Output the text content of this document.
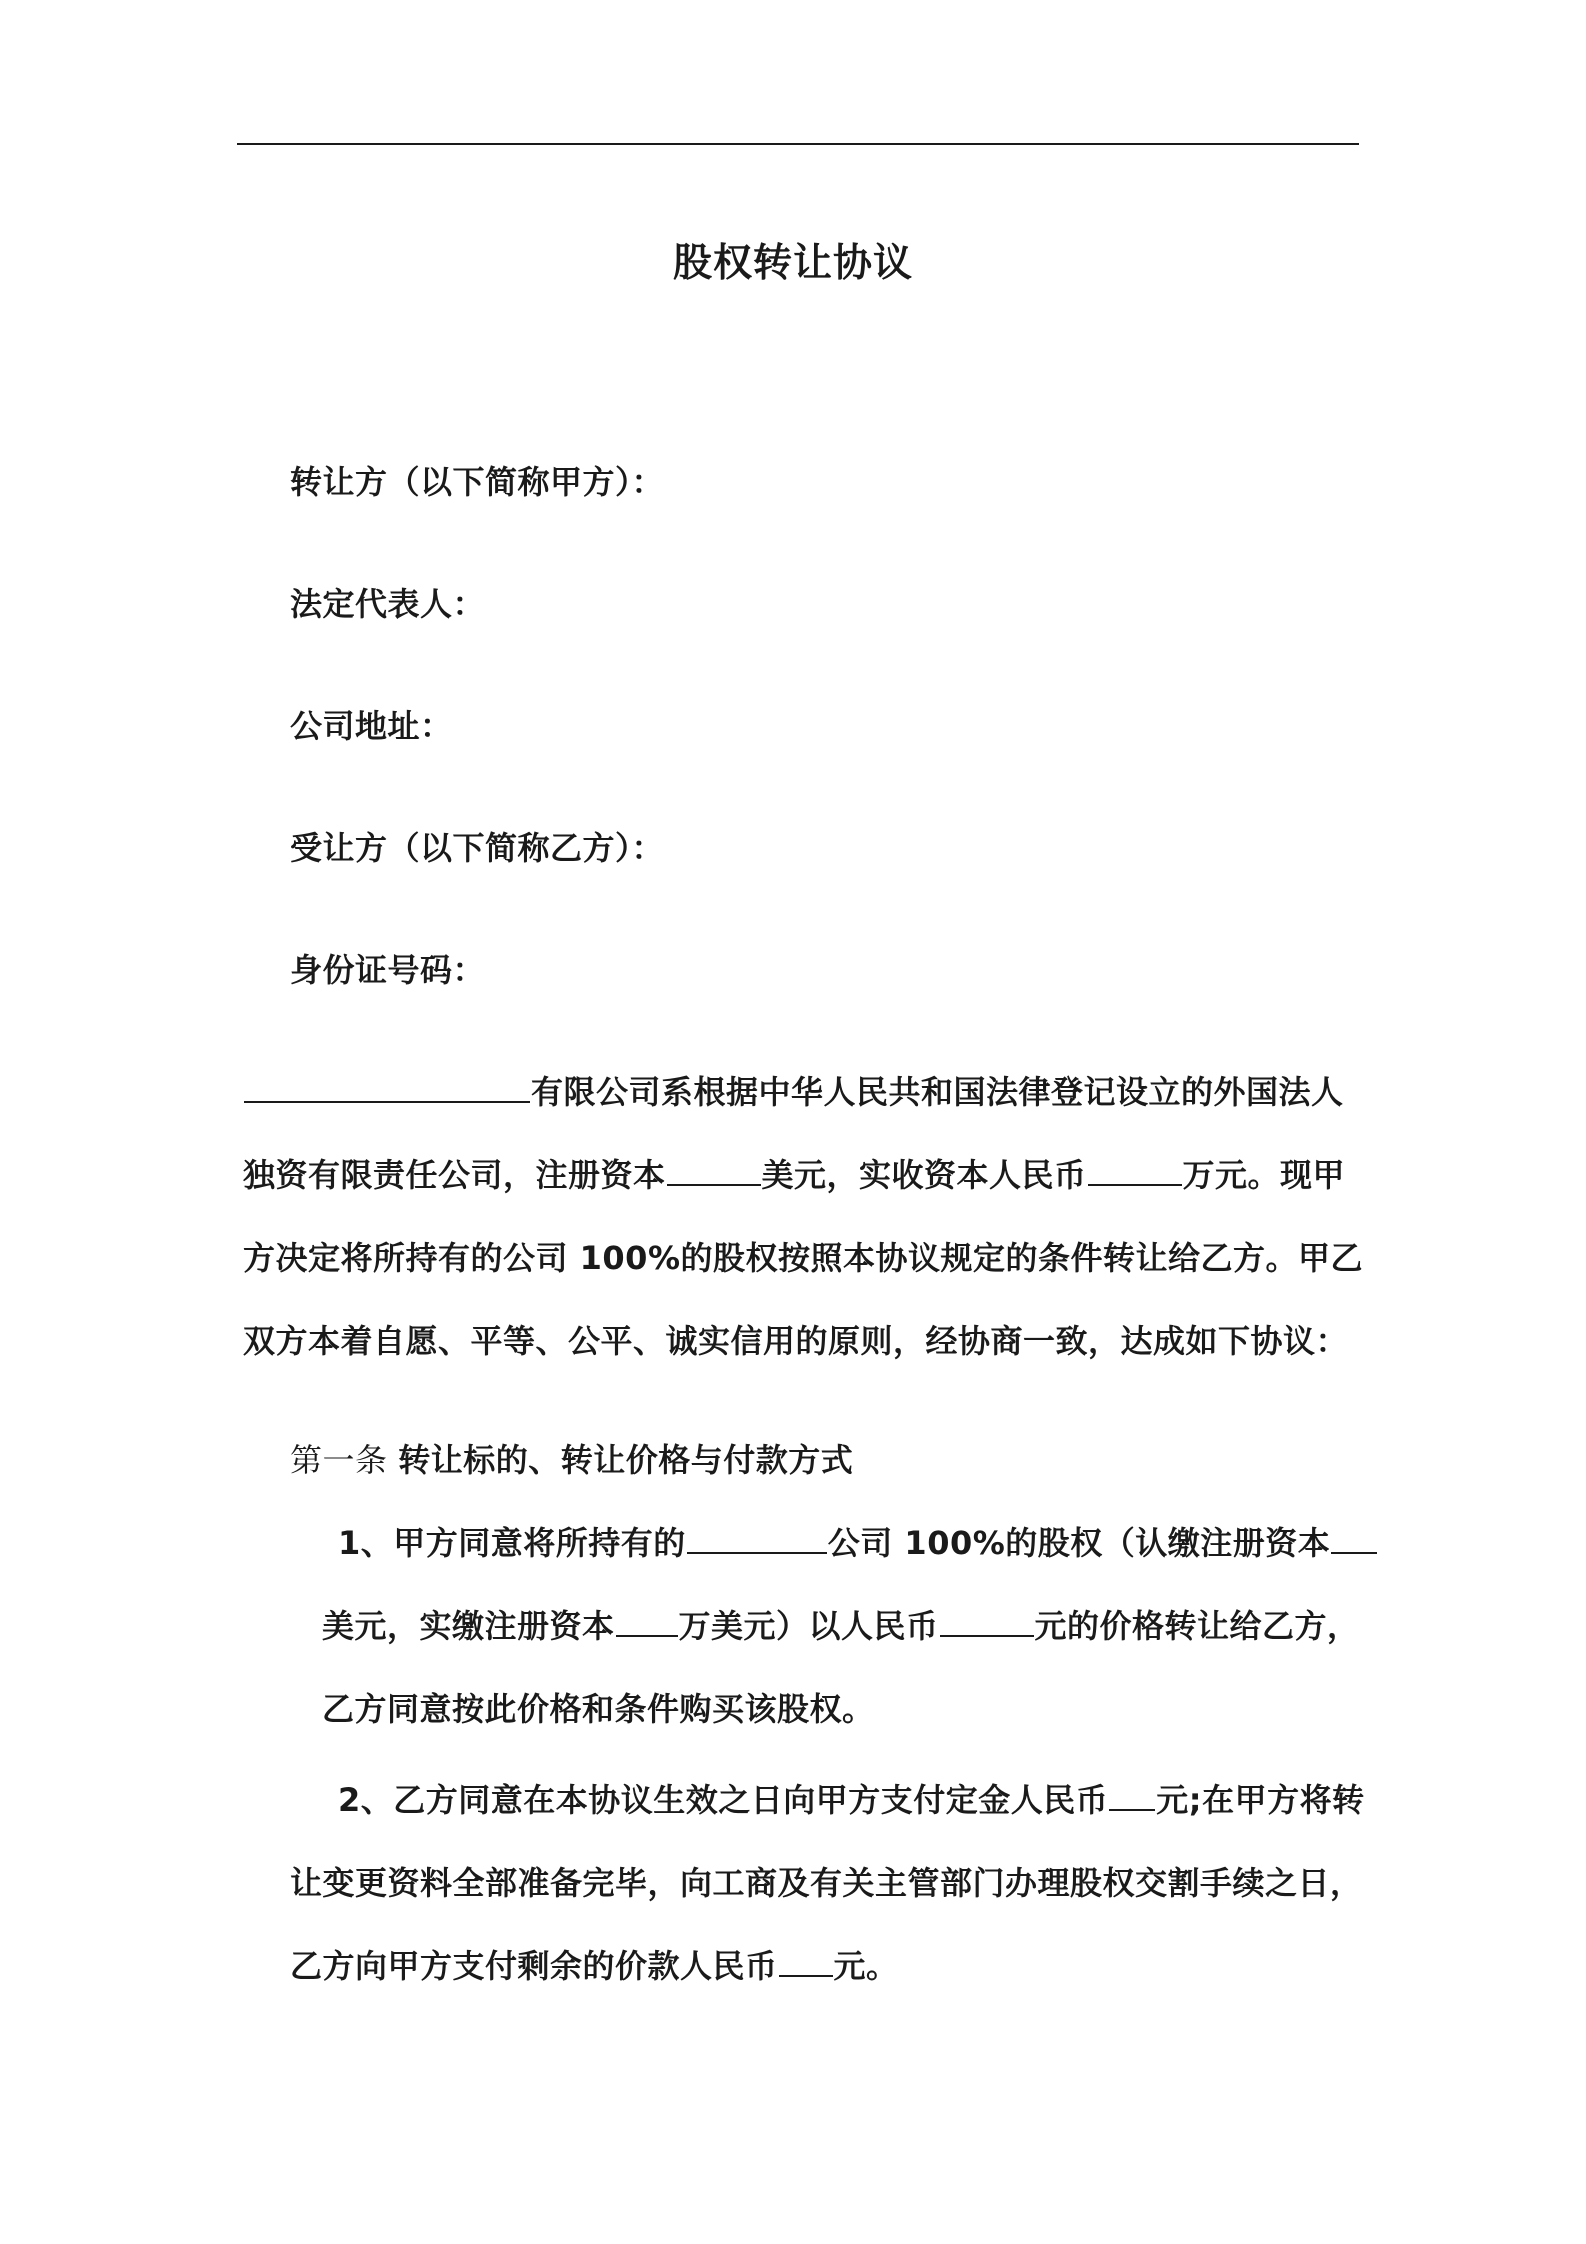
股权转让协议
转让方（以下简称甲方）：
法定代表人：
公司地址：
受让方（以下简称乙方）：
身份证号码：
有限公司系根据中华人民共和国法律登记设立的外国法人
独资有限责任公司，注册资本	美元，实收资本人民币	万元。现甲
方决定将所持有的公司 100%的股权按照本协议规定的条件转让给乙方。甲乙
双方本着自愿、平等、公平、诚实信用的原则，经协商一致，达成如下协议：
第一条 转让标的、转让价格与付款方式
1、甲方同意将所持有的	公司 100%的股权（认缴注册资本
美元，实缴注册资本 万美元）以人民币	元的价格转让给乙方，
乙方同意按此价格和条件购买该股权。
2、乙方同意在本协议生效之日向甲方支付定金人民币 元;在甲方将转
让变更资料全部准备完毕，向工商及有关主管部门办理股权交割手续之日，
乙方向甲方支付剩余的价款人民币 元。
